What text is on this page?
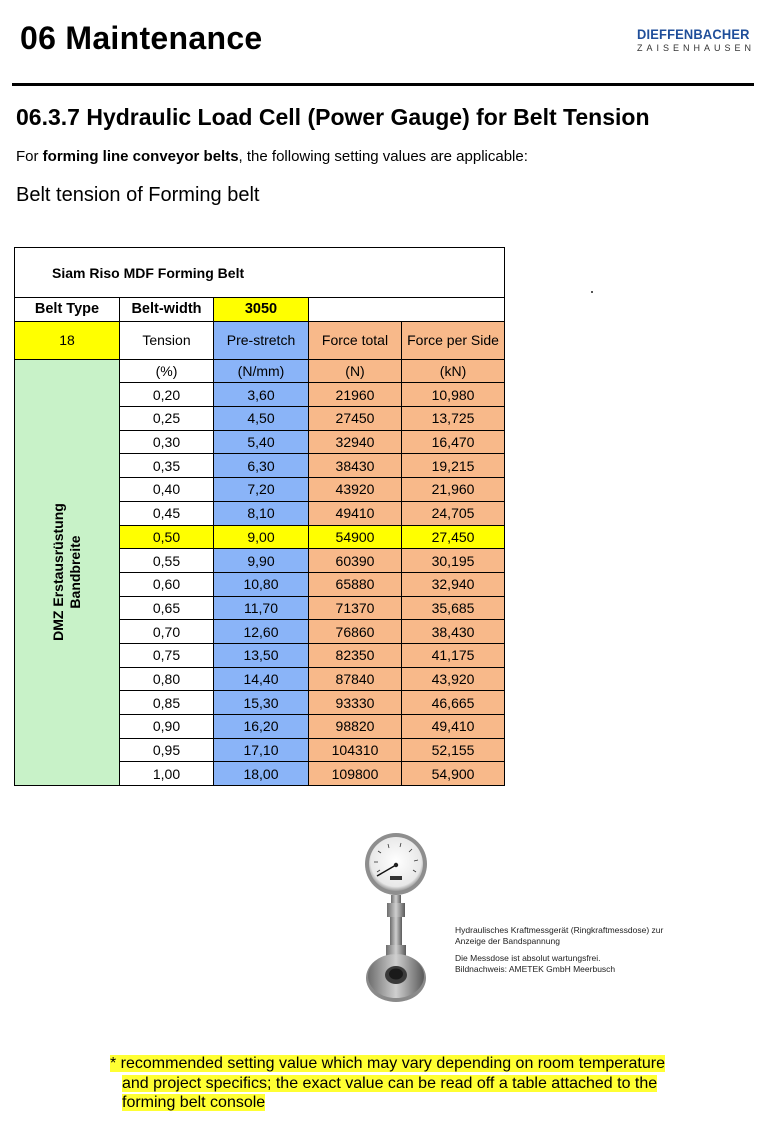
06 Maintenance	DIEFFENBACHER
ZAISENHAUSEN
06.3.7 Hydraulic Load Cell (Power Gauge) for Belt Tension
For forming line conveyor belts, the following setting values are applicable:
Belt tension of Forming belt
Siam Riso MDF Forming Belt				
Belt Type	Belt-width	3050		
18	Tension	Pre-stretch	Force total	Force per Side

DMZ Erstausrüstung Bandbreite	(%)	(N/mm)	(N)	(kN)
	0,20	3,60	21960	10,980
	0,25	4,50	27450	13,725
	0,30	5,40	32940	16,470
	0,35	6,30	38430	19,215
	0,40	7,20	43920	21,960
	0,45	8,10	49410	24,705
	0,50	9,00	54900	27,450
	0,55	9,90	60390	30,195
	0,60	10,80	65880	32,940
	0,65	11,70	71370	35,685
	0,70	12,60	76860	38,430
	0,75	13,50	82350	41,175
	0,80	14,40	87840	43,920
	0,85	15,30	93330	46,665
	0,90	16,20	98820	49,410
	0,95	17,10	104310	52,155
	1,00	18,00	109800	54,900

Hydraulisches Kraftmessgerät (Ringkraftmessdose) zur
Anzeige der Bandspannung

Die Messdose ist absolut wartungsfrei.
Bildnachweis: AMETEK GmbH Meerbusch

* recommended setting value which may vary depending on room temperature
and project specifics; the exact value can be read off a table attached to the
forming belt console
